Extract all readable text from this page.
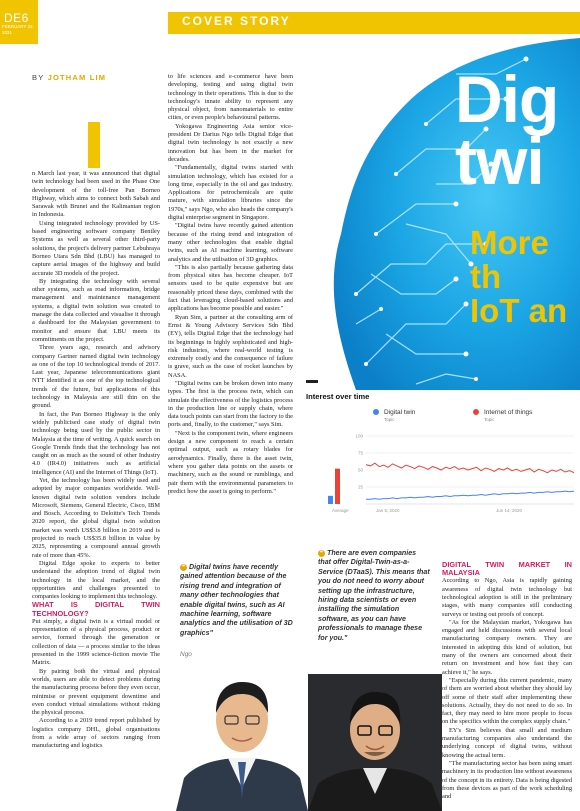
DE6
FEBRUARY 22, 2021
COVER STORY
BY JOTHAM LIM	Dig
twi
More th
IoT an

n March last year, it was announced that digital twin technology had been used in the Phase One development of the toll-free Pan Borneo Highway, which aims to connect both Sabah and Sarawak with Brunei and the Kalimantan region in Indonesia.

Using integrated technology provided by US-based engineering software company Bentley Systems as well as several other third-party solutions, the project's delivery partner Lebuhraya Borneo Utara Sdn Bhd (LBU) has managed to capture aerial images of the highway and build accurate 3D models of the project.

By integrating the technology with several other systems, such as road information, bridge management and maintenance management systems, a digital twin solution was created to manage the data collected and visualise it through a dashboard for the Malaysian government to monitor and ensure that LBU meets its commitments on the project.

Three years ago, research and advisory company Gartner named digital twin technology as one of the top 10 technological trends of 2017. Last year, Japanese telecommunications giant NTT identified it as one of the top technological trends of the future, but applications of this technology in Malaysia are still thin on the ground.

In fact, the Pan Borneo Highway is the only widely publicised case study of digital twin technology being used by the public sector in Malaysia at the time of writing. A quick search on Google Trends finds that the technology has not caught on as much as the sound of other Industry 4.0 (IR4.0) initiatives such as artificial intelligence (AI) and the Internet of Things (IoT).

Yet, the technology has been widely used and adopted by major companies worldwide. Well-known digital twin solution vendors include Microsoft, Siemens, General Electric, Cisco, IBM and Bosch. According to Deloitte's Tech Trends 2020 report, the global digital twin solution market was worth US$3.8 billion in 2019 and is projected to reach US$35.8 billion in value by 2025, representing a compound annual growth rate of more than 45%.

Digital Edge spoke to experts to better understand the adoption trend of digital twin technology in the local market, and the opportunities and challenges presented to companies looking to implement this technology.

WHAT IS DIGITAL TWIN TECHNOLOGY?

Put simply, a digital twin is a virtual model or representation of a physical process, product or service, formed through the generation or collection of data — a process similar to the ideas presented in the 1999 science-fiction movie The Matrix.

By pairing both the virtual and physical worlds, users are able to detect problems during the manufacturing process before they even occur, minimise or prevent equipment downtime and even conduct virtual simulations without risking the physical process.

According to a 2019 trend report published by logistics company DHL, global organisations from a wide array of sectors ranging from manufacturing and logistics

to life sciences and e-commerce have been developing, testing and using digital twin technology in their operations. This is due to the technology's innate ability to represent any physical object, from nanomaterials to entire cities, or even people's behavioural patterns.

Yokogawa Engineering Asia senior vice-president Dr Darius Ngo tells Digital Edge that digital twin technology is not exactly a new innovation but has been in the market for decades.

"Fundamentally, digital twins started with simulation technology, which has existed for a long time, especially in the oil and gas industry. Applications for petrochemicals are quite mature, with simulation libraries since the 1970s," says Ngo, who also heads the company's digital enterprise segment in Singapore.

"Digital twins have recently gained attention because of the rising trend and integration of many other technologies that enable digital twins, such as AI machine learning, software analytics and the utilisation of 3D graphics.

"This is also partially because gathering data from physical sites has become cheaper. IoT sensors used to be quite expensive but are reasonably priced these days, combined with the fact that leveraging cloud-based solutions and applications has become possible and easier."

Ryan Sim, a partner at the consulting arm of Ernst & Young Advisory Services Sdn Bhd (EY), tells Digital Edge that the technology had its beginnings in highly sophisticated and high-risk industries, where real-world testing is extremely costly and the consequence of failure is grave, such as the case of rocket launches by NASA.

"Digital twins can be broken down into many types. The first is the process twin, which can simulate the effectiveness of the logistics process in the production line or supply chain, where data touch points can start from the factory to the ports and, finally, to the customer," says Sim.

"Next is the component twin, where engineers design a new component to reach a certain optimal output, such as rotary blades for aerodynamics. Finally, there is the asset twin, where you gather data points on the assets or machinery, such as the sound or rumblings, and pair them with the environmental parameters to predict how the asset is going to perform."

Interest over time
Digital twin
Topic
Internet of things
Topic
100
75
50
25
Average	Jan 5, 2020	Jun 14, 2020
❝ Digital twins have recently gained attention because of the rising trend and integration of many other technologies that enable digital twins, such as AI machine learning, software analytics and the utilisation of 3D graphics"
Ngo
❝ There are even companies that offer Digital-Twin-as-a-Service (DTaaS). This means that you do not need to worry about setting up the infrastructure, hiring data scientists or even installing the simulation software, as you can have professionals to manage these for you."

DIGITAL TWIN MARKET IN MALAYSIA

According to Ngo, Asia is rapidly gaining awareness of digital twin technology but technological adoption is still in the preliminary stages, with many companies still conducting surveys or testing out proofs of concept.

"As for the Malaysian market, Yokogawa has engaged and held discussions with several local manufacturing company owners. They are interested in adopting this kind of solution, but many of the owners are concerned about their return on investment and how fast they can achieve it," he says.

"Especially during this current pandemic, many of them are worried about whether they should lay off some of their staff after implementing these solutions. Actually, they do not need to do so. In fact, they may need to hire more people to focus on the specifics within the complex supply chain."

EY's Sim believes that small and medium manufacturing companies also understand the underlying concept of digital twins, without knowing the actual term.

"The manufacturing sector has been using smart machinery in its production line without awareness of the concept in its entirety. Data is being digested from these devices as part of the work scheduling and
